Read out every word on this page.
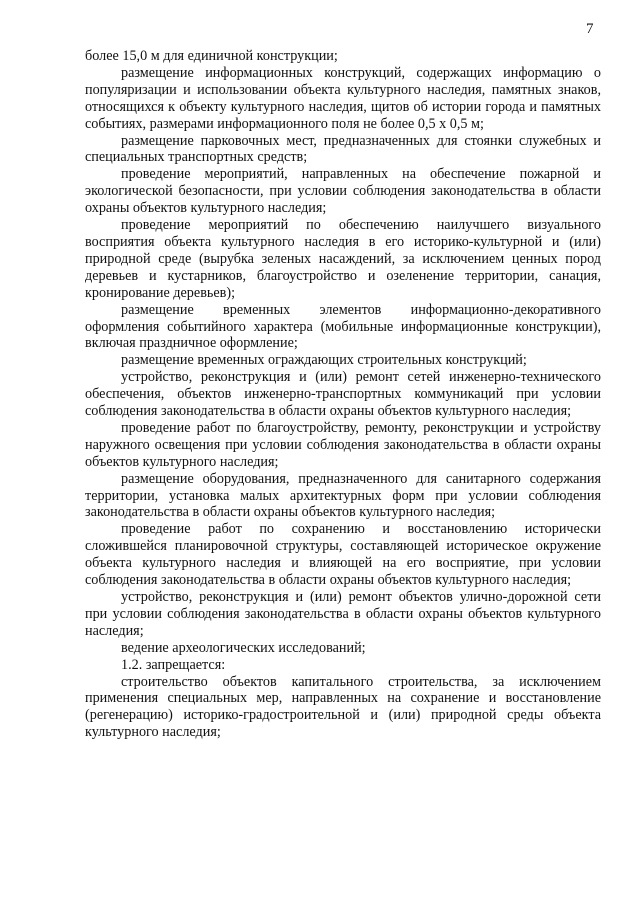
7

более 15,0 м для единичной конструкции;

размещение информационных конструкций, содержащих информацию о популяризации и использовании объекта культурного наследия, памятных знаков, относящихся к объекту культурного наследия, щитов об истории города и памятных событиях, размерами информационного поля не более 0,5 х 0,5 м;

размещение парковочных мест, предназначенных для стоянки служебных и специальных транспортных средств;

проведение мероприятий, направленных на обеспечение пожарной и экологической безопасности, при условии соблюдения законодательства в области охраны объектов культурного наследия;

проведение мероприятий по обеспечению наилучшего визуального восприятия объекта культурного наследия в его историко-культурной и (или) природной среде (вырубка зеленых насаждений, за исключением ценных пород деревьев и кустарников, благоустройство и озеленение территории, санация, кронирование деревьев);

размещение временных элементов информационно-декоративного оформления событийного характера (мобильные информационные конструкции), включая праздничное оформление;

размещение временных ограждающих строительных конструкций;

устройство, реконструкция и (или) ремонт сетей инженерно-технического обеспечения, объектов инженерно-транспортных коммуникаций при условии соблюдения законодательства в области охраны объектов культурного наследия;

проведение работ по благоустройству, ремонту, реконструкции и устройству наружного освещения при условии соблюдения законодательства в области охраны объектов культурного наследия;

размещение оборудования, предназначенного для санитарного содержания территории, установка малых архитектурных форм при условии соблюдения законодательства в области охраны объектов культурного наследия;

проведение работ по сохранению и восстановлению исторически сложившейся планировочной структуры, составляющей историческое окружение объекта культурного наследия и влияющей на его восприятие, при условии соблюдения законодательства в области охраны объектов культурного наследия;

устройство, реконструкция и (или) ремонт объектов улично-дорожной сети при условии соблюдения законодательства в области охраны объектов культурного наследия;

ведение археологических исследований;

1.2. запрещается:

строительство объектов капитального строительства, за исключением применения специальных мер, направленных на сохранение и восстановление (регенерацию) историко-градостроительной и (или) природной среды объекта культурного наследия;
